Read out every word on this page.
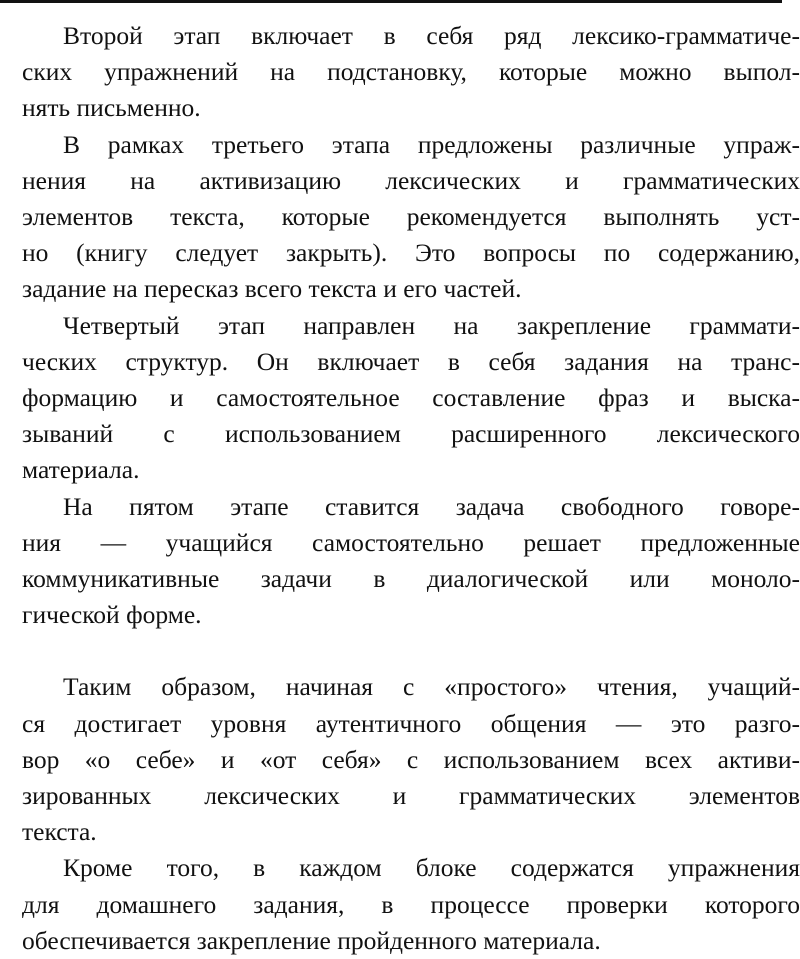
Второй этап включает в себя ряд лексико-грамматиче-
ских упражнений на подстановку, которые можно выпол-
нять письменно.

В рамках третьего этапа предложены различные упраж-
нения на активизацию лексических и грамматических
элементов текста, которые рекомендуется выполнять уст-
но (книгу следует закрыть). Это вопросы по содержанию,
задание на пересказ всего текста и его частей.

Четвертый этап направлен на закрепление граммати-
ческих структур. Он включает в себя задания на транс-
формацию и самостоятельное составление фраз и выска-
зываний с использованием расширенного лексического
материала.

На пятом этапе ставится задача свободного говоре-
ния — учащийся самостоятельно решает предложенные
коммуникативные задачи в диалогической или моноло-
гической форме.

Таким образом, начиная с «простого» чтения, учащий-
ся достигает уровня аутентичного общения — это разго-
вор «о себе» и «от себя» с использованием всех активи-
зированных лексических и грамматических элементов
текста.

Кроме того, в каждом блоке содержатся упражнения
для домашнего задания, в процессе проверки которого
обеспечивается закрепление пройденного материала.
